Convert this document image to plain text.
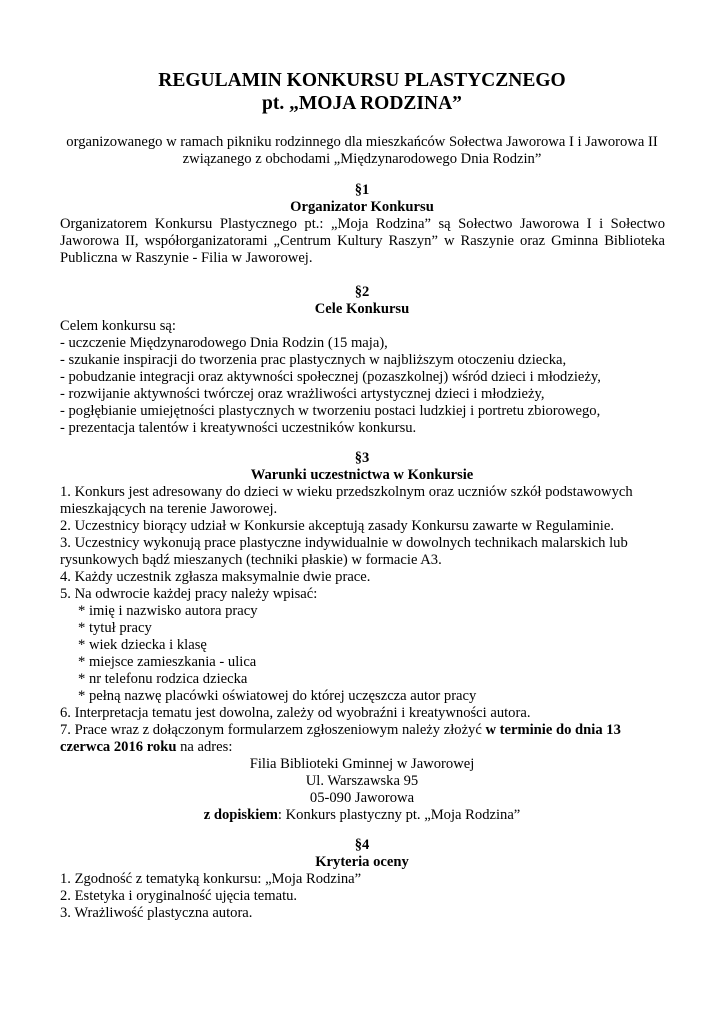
REGULAMIN KONKURSU PLASTYCZNEGO
pt. „MOJA RODZINA”
organizowanego w ramach pikniku rodzinnego dla mieszkańców Sołectwa Jaworowa I i Jaworowa II
związanego z obchodami „Międzynarodowego Dnia Rodzin”
§1
Organizator Konkursu
Organizatorem Konkursu Plastycznego pt.: „Moja Rodzina” są Sołectwo Jaworowa I i Sołectwo Jaworowa II, współorganizatorami „Centrum Kultury Raszyn” w Raszynie oraz Gminna Biblioteka Publiczna w Raszynie - Filia w Jaworowej.
§2
Cele Konkursu
Celem konkursu są:
- uczczenie Międzynarodowego Dnia Rodzin (15 maja),
- szukanie inspiracji do tworzenia prac plastycznych w najbliższym otoczeniu dziecka,
- pobudzanie integracji oraz aktywności społecznej (pozaszkolnej) wśród dzieci i młodzieży,
- rozwijanie aktywności twórczej oraz wrażliwości artystycznej dzieci i młodzieży,
- pogłębianie umiejętności plastycznych w tworzeniu postaci ludzkiej i portretu zbiorowego,
- prezentacja talentów i kreatywności uczestników konkursu.
§3
Warunki uczestnictwa w Konkursie
1. Konkurs jest adresowany do dzieci w wieku przedszkolnym oraz uczniów szkół podstawowych
mieszkających na terenie Jaworowej.
2. Uczestnicy biorący udział w Konkursie akceptują zasady Konkursu zawarte w Regulaminie.
3. Uczestnicy wykonują prace plastyczne indywidualnie w dowolnych technikach malarskich lub
rysunkowych bądź mieszanych (techniki płaskie) w formacie A3.
4. Każdy uczestnik zgłasza maksymalnie dwie prace.
5. Na odwrocie każdej pracy należy wpisać:
* imię i nazwisko autora pracy
* tytuł pracy
* wiek dziecka i klasę
* miejsce zamieszkania - ulica
* nr telefonu rodzica dziecka
* pełną nazwę placówki oświatowej do której uczęszcza autor pracy
6. Interpretacja tematu jest dowolna, zależy od wyobraźni i kreatywności autora.
7. Prace wraz z dołączonym formularzem zgłoszeniowym należy złożyć w terminie do dnia 13
czerwca 2016 roku na adres:
Filia Biblioteki Gminnej w Jaworowej
Ul. Warszawska 95
05-090 Jaworowa
z dopiskiem: Konkurs plastyczny pt. „Moja Rodzina”
§4
Kryteria oceny
1. Zgodność z tematyką konkursu: „Moja Rodzina”
2. Estetyka i oryginalność ujęcia tematu.
3. Wrażliwość plastyczna autora.
